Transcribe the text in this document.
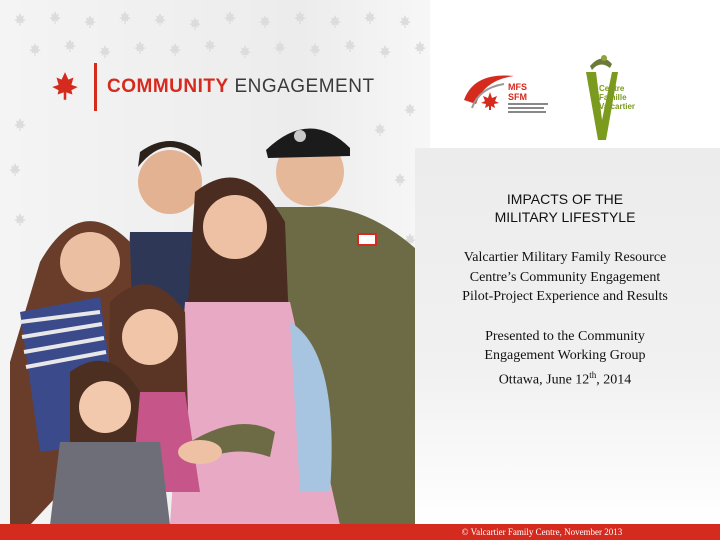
COMMUNITY ENGAGEMENT	MFS
SFM
Centre
Famille
Valcartier
IMPACTS OF THE
MILITARY LIFESTYLE
Valcartier Military Family Resource Centre’s Community Engagement Pilot-Project Experience and Results
Presented to the Community
Engagement Working Group
Ottawa, June 12th, 2014
© Valcartier Family Centre, November 2013
